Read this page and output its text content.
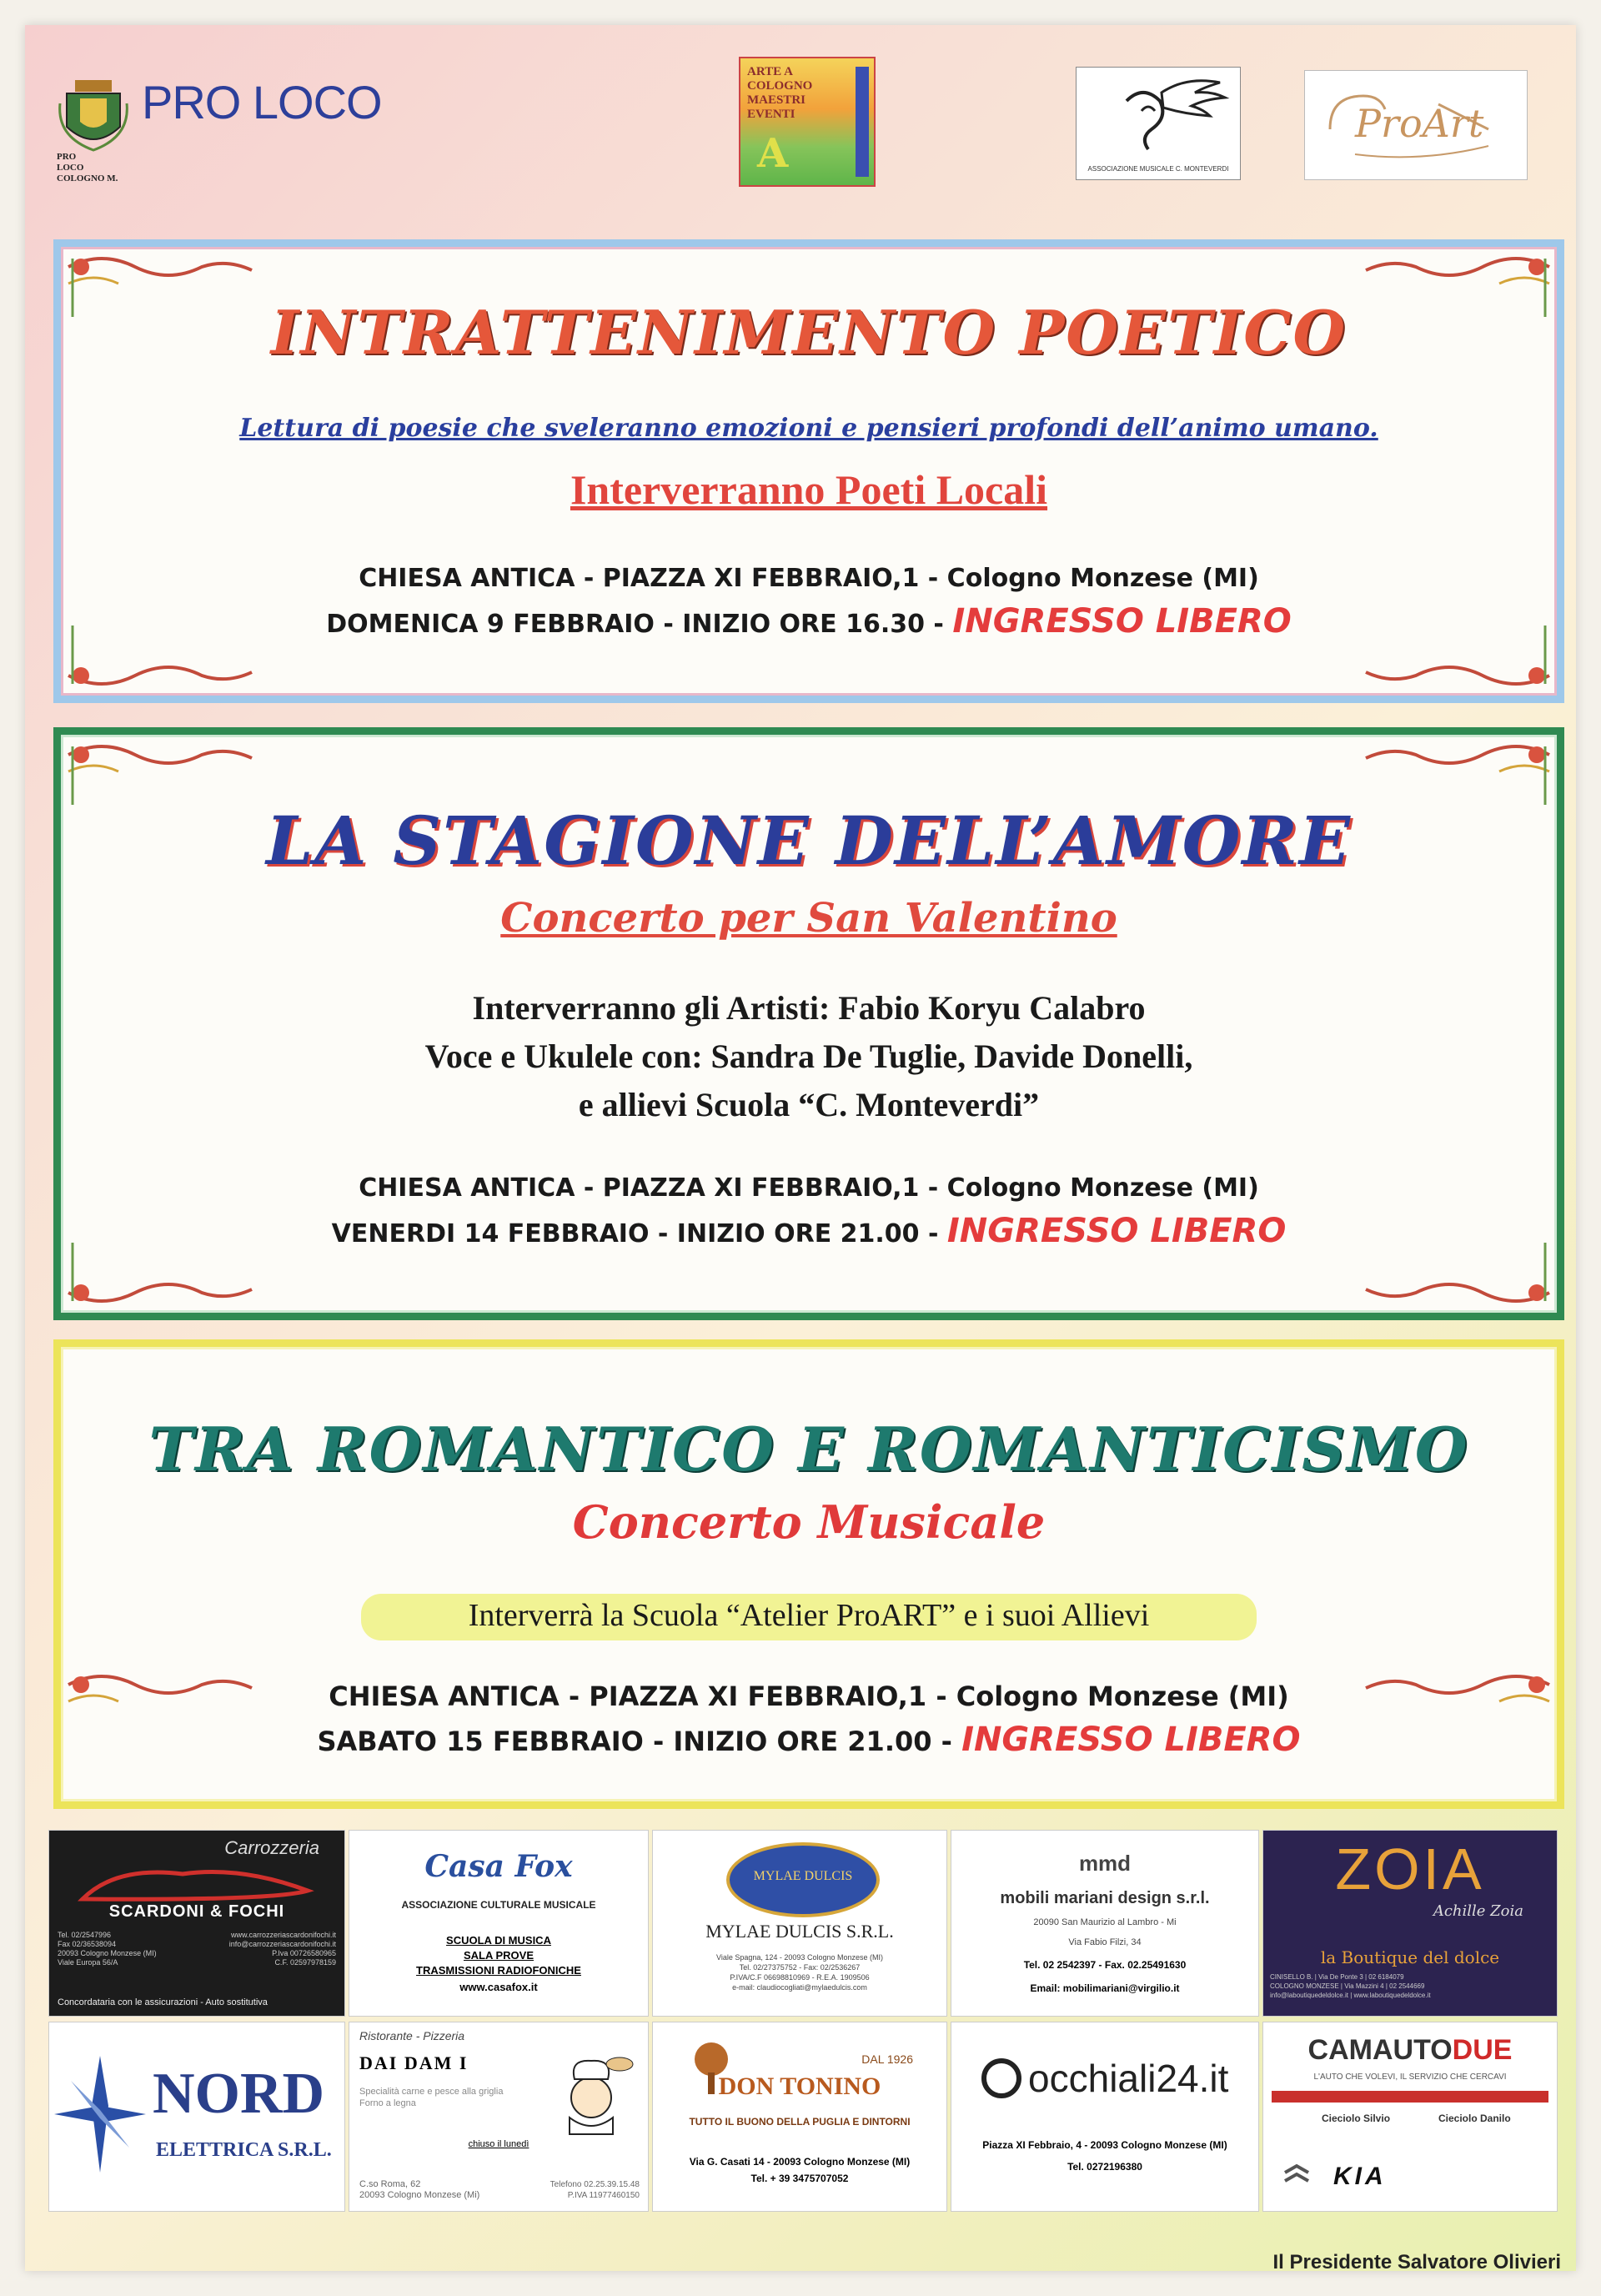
PRO
LOCO
COLOGNO M.
PRO LOCO
ARTE A COLOGNO MAESTRI EVENTI
A	ASSOCIAZIONE MUSICALE C. MONTEVERDI
ProArt
INTRATTENIMENTO POETICO
Lettura di poesie che sveleranno emozioni e pensieri profondi dell’animo umano.
Interverranno Poeti Locali
CHIESA ANTICA - PIAZZA XI FEBBRAIO,1 - Cologno Monzese (MI)
DOMENICA 9 FEBBRAIO - INIZIO ORE 16.30 - INGRESSO LIBERO
LA STAGIONE DELL’AMORE
Concerto per San Valentino
Interverranno gli Artisti: Fabio Koryu Calabro
Voce e Ukulele con: Sandra De Tuglie, Davide Donelli,
e allievi Scuola “C. Monteverdi”
CHIESA ANTICA - PIAZZA XI FEBBRAIO,1 - Cologno Monzese (MI)
VENERDI 14 FEBBRAIO - INIZIO ORE 21.00 - INGRESSO LIBERO
TRA ROMANTICO E ROMANTICISMO
Concerto Musicale
Interverrà la Scuola “Atelier ProART” e i suoi Allievi
CHIESA ANTICA - PIAZZA XI FEBBRAIO,1 - Cologno Monzese (MI)
SABATO 15 FEBBRAIO - INIZIO ORE 21.00 - INGRESSO LIBERO
Carrozzeria
SCARDONI & FOCHI
Tel. 02/2547996
Fax 02/36538094
20093 Cologno Monzese (MI)
Viale Europa 56/A
www.carrozzeriascardonifochi.it
info@carrozzeriascardonifochi.it
P.Iva 00726580965
C.F. 02597978159
Concordataria con le assicurazioni - Auto sostitutiva
Casa Fox
ASSOCIAZIONE CULTURALE MUSICALE
SCUOLA DI MUSICA
SALA PROVE
TRASMISSIONI RADIOFONICHE
www.casafox.it
MYLAE DULCIS
MYLAE DULCIS S.R.L.
Viale Spagna, 124 - 20093 Cologno Monzese (MI)
Tel. 02/27375752 - Fax: 02/2536267
P.IVA/C.F 06698810969 - R.E.A. 1909506
e-mail: claudiocogliati@mylaedulcis.com
mmd
mobili mariani design s.r.l.
20090 San Maurizio al Lambro - Mi
Via Fabio Filzi, 34
Tel. 02 2542397 - Fax. 02.25491630
Email: mobilimariani@virgilio.it
ZOIA
Achille Zoia
la Boutique del dolce
CINISELLO B. | Via De Ponte 3 | 02 6184079
COLOGNO MONZESE | Via Mazzini 4 | 02 2544669
info@laboutiquedeldolce.it | www.laboutiquedeldolce.it
NORD
ELETTRICA S.R.L.
Ristorante - Pizzeria
DAI DAM I
Specialità carne e pesce alla griglia
Forno a legna
chiuso il lunedì
C.so Roma, 62
20093 Cologno Monzese (Mi)
Telefono 02.25.39.15.48
P.IVA 11977460150
DAL 1926
DON TONINO
TUTTO IL BUONO DELLA PUGLIA E DINTORNI
Via G. Casati 14 - 20093 Cologno Monzese (MI)
Tel. + 39 3475707052
occhiali24.it
Piazza XI Febbraio, 4 - 20093 Cologno Monzese (MI)
Tel. 0272196380
CAMAUTODUE
L'AUTO CHE VOLEVI, IL SERVIZIO CHE CERCAVI
Cieciolo Silvio	Cieciolo Danilo
KIA
Il Presidente Salvatore Olivieri
